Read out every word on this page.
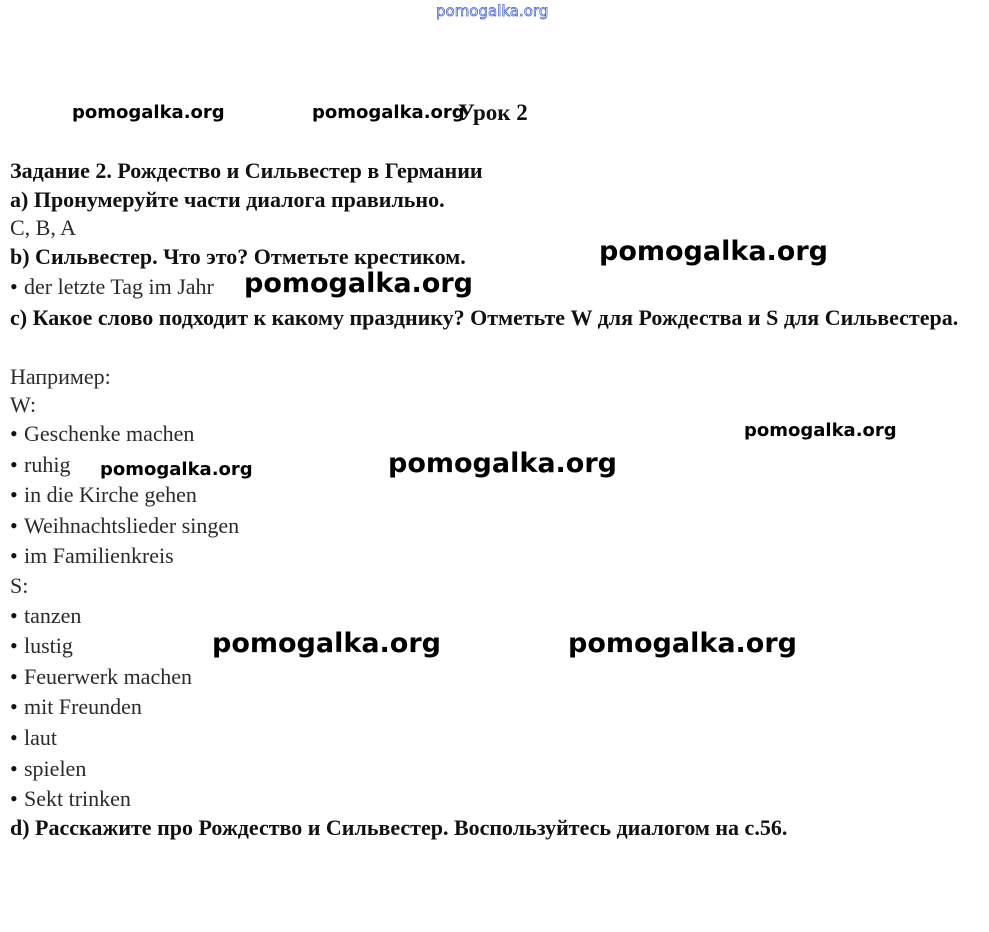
pomogalka.org
pomogalka.org	pomogalka.org
Урок 2
Задание 2. Рождество и Сильвестер в Германии
a) Пронумеруйте части диалога правильно.
C, B, A
b) Сильвестер. Что это? Отметьте крестиком.
• der letzte Tag im Jahr
pomogalka.org
pomogalka.org
c) Какое слово подходит к какому празднику? Отметьте W для Рождества и S для Сильвестера.
Например:
W:
• Geschenke machen
• ruhig
• in die Kirche gehen
• Weihnachtslieder singen
• im Familienkreis
S:
• tanzen
• lustig
• Feuerwerk machen
• mit Freunden
• laut
• spielen
• Sekt trinken
d) Расскажите про Рождество и Сильвестер. Воспользуйтесь диалогом на с.56.
pomogalka.org
pomogalka.org	pomogalka.org
pomogalka.org	pomogalka.org
